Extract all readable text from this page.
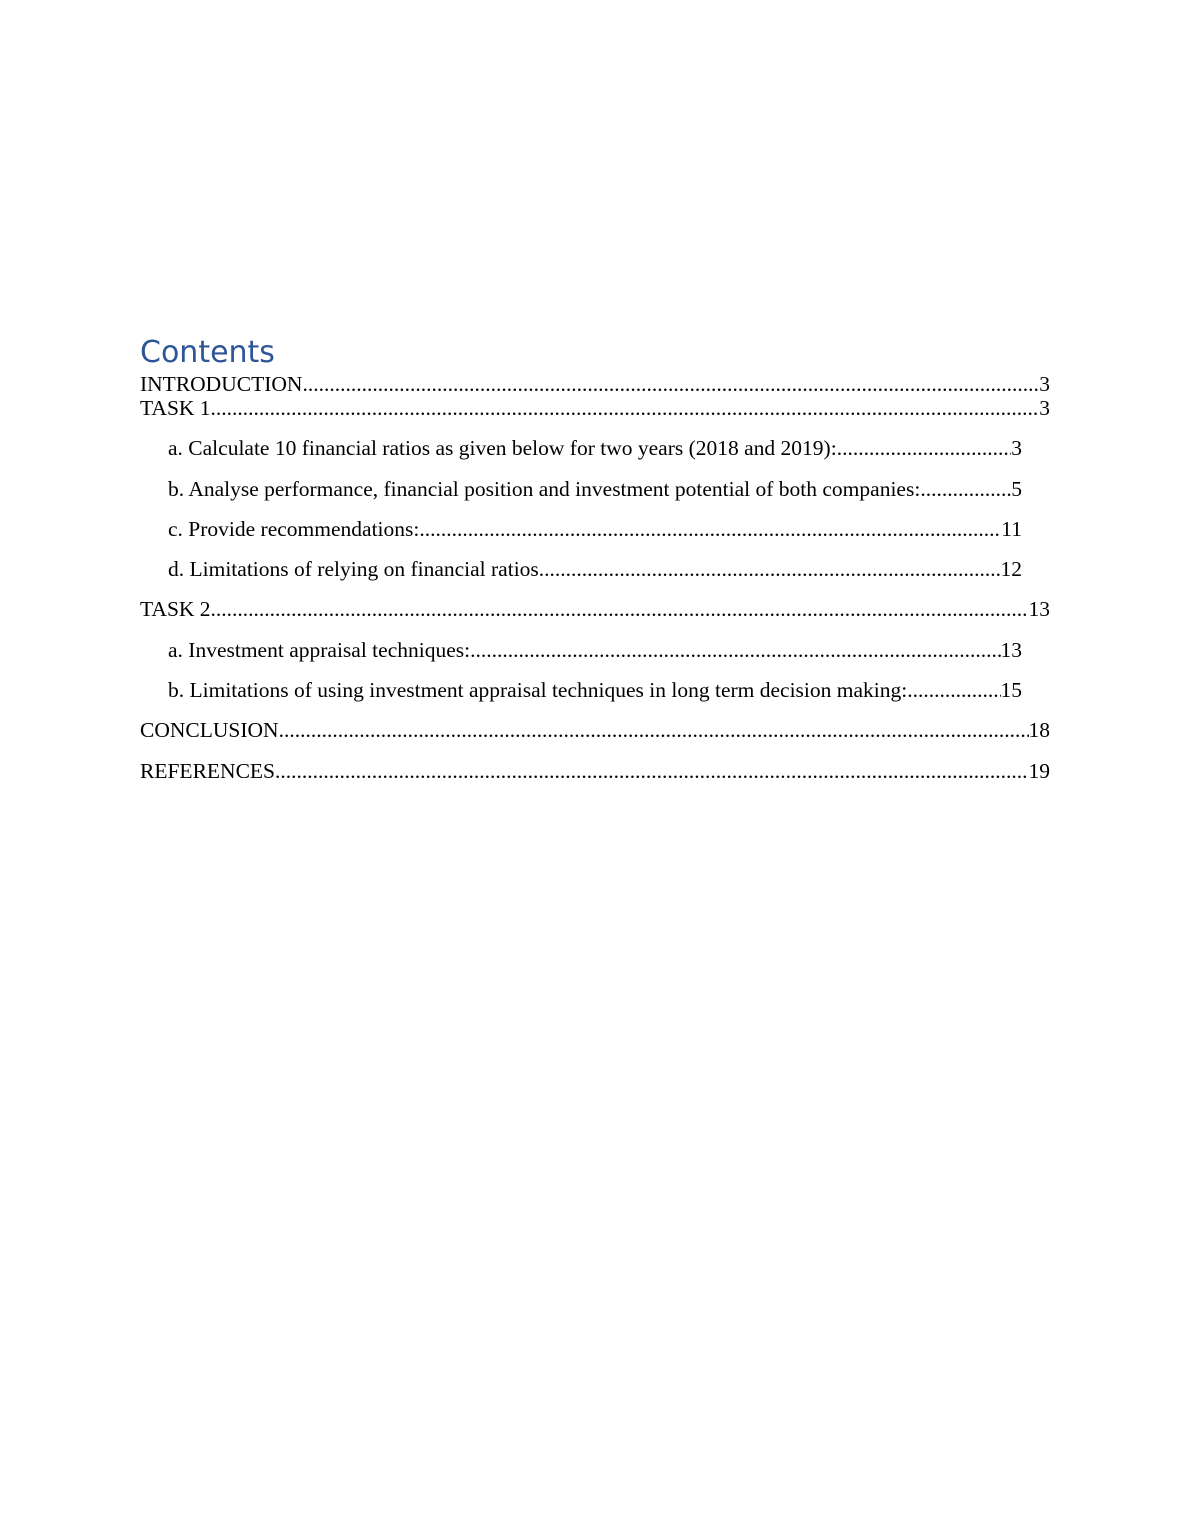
Contents
INTRODUCTION .....	3
TASK 1 .....	3
a. Calculate 10 financial ratios as given below for two years (2018 and 2019): .....	3
b. Analyse performance, financial position and investment potential of both companies: .....	5
c. Provide recommendations: .....	11
d. Limitations of relying on financial ratios .....	12
TASK 2 .....	13
a. Investment appraisal techniques: .....	13
b. Limitations of using investment appraisal techniques in long term decision making: .....	15
CONCLUSION .....	18
REFERENCES .....	19
